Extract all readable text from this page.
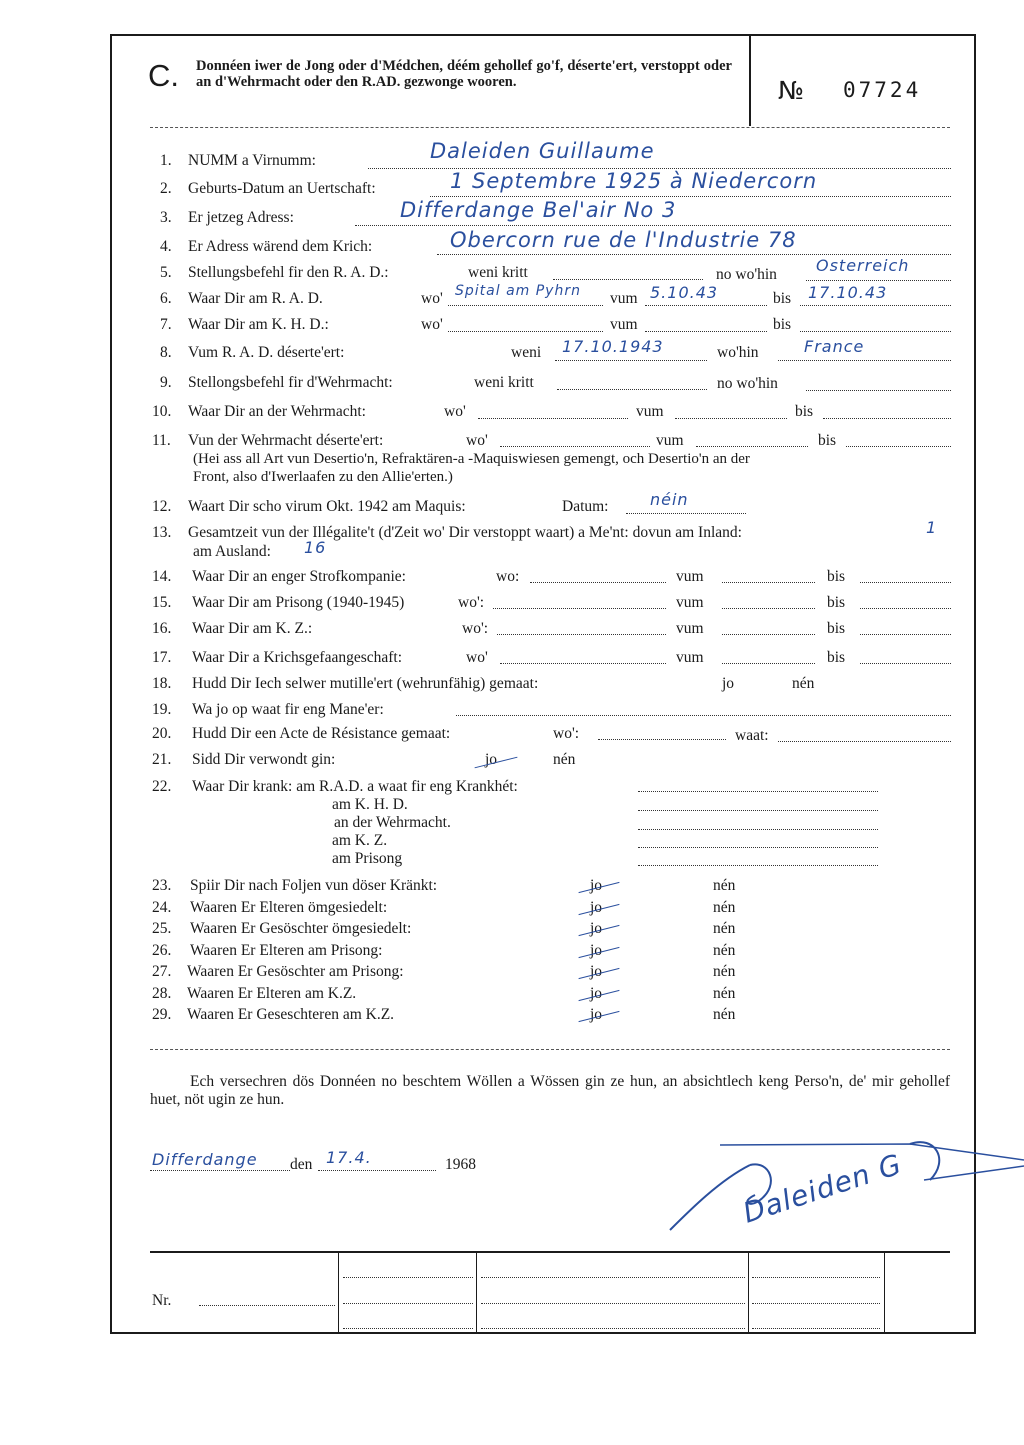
C. Donnéen iwer de Jong oder d'Médchen, déém gehollef go'f, déserte'ert, verstoppt oder an d'Wehrmacht oder den R.AD. gezwonge wooren.	№ 07724
1. NUMM a Virnumm:	Daleiden Guillaume
2. Geburts-Datum an Uertschaft:	1 Septembre 1925 à Niedercorn
3. Er jetzeg Adress:	Differdange Bel'air No 3
4. Er Adress wärend dem Krich:	Obercorn rue de l'Industrie 78
5. Stellungsbefehl fir den R. A. D.:	weni kritt	no wo'hin Osterreich
6. Waar Dir am R. A. D.	wo' Spital am Pyhrn vum 5.10.43	bis 17.10.43
7. Waar Dir am K. H. D.:	wo'	vum	bis
8. Vum R. A. D. déserte'ert:	weni 17.10.1943	wo'hin	France
9. Stellongsbefehl fir d'Wehrmacht:	weni kritt	no wo'hin
10. Waar Dir an der Wehrmacht:	wo'	vum	bis
11. Vun der Wehrmacht déserte'ert:	wo'	vum	bis
(Hei ass all Art vun Desertio'n, Refraktären-a -Maquiswiesen gemengt, och Desertio'n an der
Front, also d'Iwerlaafen zu den Allie'erten.)
12. Waart Dir scho virum Okt. 1942 am Maquis:	Datum:	néin
13. Gesamtzeit vun der Illégalite't (d'Zeit wo' Dir verstoppt waart) a Me'nt: dovun am Inland:	1
am Ausland: 16
14. Waar Dir an enger Strofkompanie:	wo:	vum	bis
15. Waar Dir am Prisong (1940-1945)	wo':	vum	bis
16. Waar Dir am K. Z.:	wo':	vum	bis
17. Waar Dir a Krichsgefaangeschaft:	wo'	vum	bis
18. Hudd Dir Iech selwer mutille'ert (wehrunfähig) gemaat:	jo	nén
19. Wa jo op waat fir eng Mane'er:
20. Hudd Dir een Acte de Résistance gemaat:	wo':	waat:
21. Sidd Dir verwondt gin:	jo	nén
22. Waar Dir krank: am R.A.D. a waat fir eng Krankhét:
am K. H. D.
an der Wehrmacht.
am K. Z.
am Prisong
23. Spiir Dir nach Foljen vun döser Kränkt:	jo	nén
24. Waaren Er Elteren ömgesiedelt:	jo	nén
25. Waaren Er Gesöschter ömgesiedelt:	jo	nén
26. Waaren Er Elteren am Prisong:	jo	nén
27. Waaren Er Gesöschter am Prisong:	jo	nén
28. Waaren Er Elteren am K.Z.	jo	nén
29. Waaren Er Geseschteren am K.Z.	jo	nén
Ech versechren dös Donnéen no beschtem Wöllen a Wössen gin ze hun, an absichtlech keng Perso'n, de' mir gehollef huet, nöt ugin ze hun.
Differdange den 17.4.	1968	Daleiden G
Nr.
